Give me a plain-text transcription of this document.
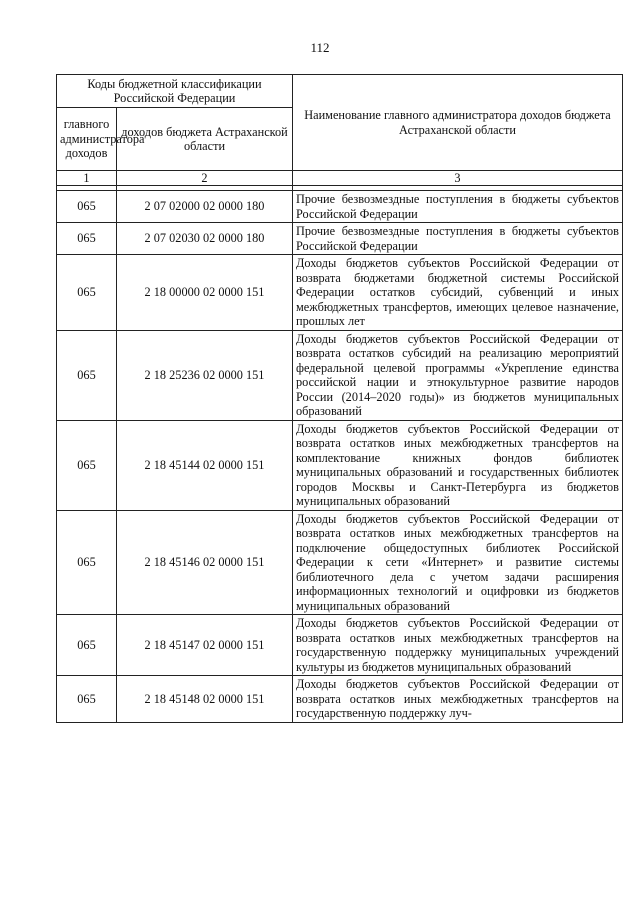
112
Коды бюджетной классификации Российской Федерации		Наименование главного администратора доходов бюджета Астраханской области
главного администратора доходов	доходов бюджета Астраханской области	
1	2	3

065	2 07 02000 02 0000 180	Прочие безвозмездные поступления в бюджеты субъектов Российской Федерации
065	2 07 02030 02 0000 180	Прочие безвозмездные поступления в бюджеты субъектов Российской Федерации
065	2 18 00000 02 0000 151	Доходы бюджетов субъектов Российской Федерации от возврата бюджетами бюджетной системы Российской Федерации остатков субсидий, субвенций и иных межбюджетных трансфертов, имеющих целевое назначение, прошлых лет
065	2 18 25236 02 0000 151	Доходы бюджетов субъектов Российской Федерации от возврата остатков субсидий на реализацию мероприятий федеральной целевой программы «Укрепление единства российской нации и этнокультурное развитие народов России (2014–2020 годы)» из бюджетов муниципальных образований
065	2 18 45144 02 0000 151	Доходы бюджетов субъектов Российской Федерации от возврата остатков иных межбюджетных трансфертов на комплектование книжных фондов библиотек муниципальных образований и государственных библиотек городов Москвы и Санкт-Петербурга из бюджетов муниципальных образований
065	2 18 45146 02 0000 151	Доходы бюджетов субъектов Российской Федерации от возврата остатков иных межбюджетных трансфертов на подключение общедоступных библиотек Российской Федерации к сети «Интернет» и развитие системы библиотечного дела с учетом задачи расширения информационных технологий и оцифровки из бюджетов муниципальных образований
065	2 18 45147 02 0000 151	Доходы бюджетов субъектов Российской Федерации от возврата остатков иных межбюджетных трансфертов на государственную поддержку муниципальных учреждений культуры из бюджетов муниципальных образований
065	2 18 45148 02 0000 151	Доходы бюджетов субъектов Российской Федерации от возврата остатков иных межбюджетных трансфертов на государственную поддержку луч-
